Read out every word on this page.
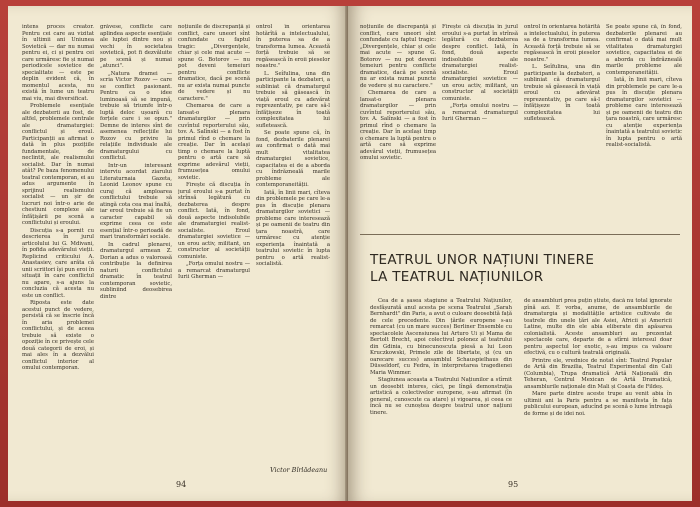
intens proces creator. Pentru cei care au vizitat în ultimii ani Uniunea Sovietică — dar nu numai pentru ei, ci și pentru cei care urmăresc fie și numai periodicele sovietice de specialitate — este pe deplin evident că, în momentul acesta, nu există în lume un teatru mai viu, mai diversificat.

Problemele esențiale ale dezbaterii au fost, de altfel, problemele centrale ale dramaturgiei: conflictul și eroul. Participanții au afirmat o dată în plus pozițiile fundamentale, de neclintit, ale realismului socialist. Dar în numai atât? Pe baza fenomenului teatral contemporan, ei au adus argumente în sprijinul realismului socialist — un șir de lucruri noi într-o arie de chestiuni complexe ale înfățișării pe scenă a conflictului și eroului.

Discuția s-a pornit cu descrierea în jurul articolului lui G. Mdivani, în pofida adevărului vieții. Replicind criticului A. Anastasiev, care arăta că unii scriitori își pun eroi în situații în care conflictul nu apare, s-a ajuns la concluzia că acesta nu este un conflict.

Riposta este date acestui punct de vedere, persistă că se înscrie încă în aria problemei conflictului, și de aceea trebuie să existe o opoziție în ce privește cele două categorii de eroi, și mai ales în a dezvălui conflictul interior al omului contemporan.

grăvese, conflicte care aplindea aspecte esențiale ale luptei dintre nou și vechi în societatea sovietică, pot fi dezvăluite pe scenă și numai „atunci".

„Natura dramei — scria Victor Rozov — care se conflict pasionant. Pentru ca o idee luminoasă să se impună, trebuie să triumfe într-o luptă deloc ușoară cu forțele care i se opun." Demne de interes sînt de asemenea reflecțiile lui Rozov cu privire la relațiile individuale ale dramaturgului cu conflictul.

Intr-un interesant interviu acordat ziarului Literaturnaia Gazeta, Leonid Leonov spune cu curaj că amploarea conflictului trebuie să atingă cota cea mai înaltă, iar eroul trebuie să fie un caracter capabil să exprime ceea ce este esențial într-o perioadă de mari transformări sociale.

In cadrul plenarei, dramaturgul armean Z. Dorian a adus o valoroasă contribuție la definirea naturii conflictului dramatic în teatrul contemporan sovietic, subliniind deosebirea dintre

noțiunile de discrepanță și conflict, care uneori sînt confundate cu faptul tragic: „Divergențele, chiar și cele mai acute — spune G. Botorov — nu pot deveni temeiuri pentru conflicte dramatice, dacă pe scenă nu ar exista numai puncte de vedere și nu caractere."

Chemarea de care a lansat-o plenara dramaturgilor — prin cuvîntul reporterului său, tov. A. Salînski — a fost în primul rînd o chemare la creație. Dar în același timp o chemare la luptă pentru o artă care să exprime adevărul vieții, frumusețea omului sovietic.

Firește că discuția în jurul eroului s-a purtat în strînsă legătură cu dezbaterea despre conflict. Iată, în fond, două aspecte indisolubile ale dramaturgiei realist-socialiste. Eroul dramaturgiei sovietice — un erou activ, militant, un constructor al societății comuniste.

„Forța omului nostru — a remarcat dramaturgul Iurii Gherman —

ontrol în orientarea hotărîtă a intelectualului, în puterea sa de a transforma lumea. Această forță trebuie să se regăsească în eroii pieselor noastre."

L. Seîfulina, una din participante la dezbateri, a subliniat că dramaturgul trebuie să găsească în viață eroul cu adevărat reprezentativ, pe care să-l înfățișeze în toată complexitatea lui sufletească.

Se poate spune că, în fond, dezbaterile plenarei au confirmat o dată mai mult vitalitatea dramaturgiei sovietice, capacitatea ei de a aborda cu îndrăzneală marile probleme ale contemporaneității.

Iată, în linii mari, cîteva din problemele pe care le-a pus în discuție plenara dramaturgilor sovietici — probleme care interesează și pe oamenii de teatru din țara noastră, care urmăresc cu atenție experiența înaintată a teatrului sovietic în lupta pentru o artă realist-socialistă.

Victor Bîrlădeanu
94

noțiunile de discrepanță și conflict, care uneori sînt confundate cu faptul tragic: „Divergențele, chiar și cele mai acute — spune G. Botorov — nu pot deveni temeiuri pentru conflicte dramatice, dacă pe scenă nu ar exista numai puncte de vedere și nu caractere."

Chemarea de care a lansat-o plenara dramaturgilor — prin cuvîntul reporterului său, tov. A. Salînski — a fost în primul rînd o chemare la creație. Dar în același timp o chemare la luptă pentru o artă care să exprime adevărul vieții, frumusețea omului sovietic.

Firește că discuția în jurul eroului s-a purtat în strînsă legătură cu dezbaterea despre conflict. Iată, în fond, două aspecte indisolubile ale dramaturgiei realist-socialiste. Eroul dramaturgiei sovietice — un erou activ, militant, un constructor al societății comuniste.

„Forța omului nostru — a remarcat dramaturgul Iurii Gherman —

ontrol în orientarea hotărîtă a intelectualului, în puterea sa de a transforma lumea. Această forță trebuie să se regăsească în eroii pieselor noastre."

L. Seîfulina, una din participante la dezbateri, a subliniat că dramaturgul trebuie să găsească în viață eroul cu adevărat reprezentativ, pe care să-l înfățișeze în toată complexitatea lui sufletească.

Se poate spune că, în fond, dezbaterile plenarei au confirmat o dată mai mult vitalitatea dramaturgiei sovietice, capacitatea ei de a aborda cu îndrăzneală marile probleme ale contemporaneității.

Iată, în linii mari, cîteva din problemele pe care le-a pus în discuție plenara dramaturgilor sovietici — probleme care interesează și pe oamenii de teatru din țara noastră, care urmăresc cu atenție experiența înaintată a teatrului sovietic în lupta pentru o artă realist-socialistă.

TEATRUL UNOR NAȚIUNI TINERE
LA TEATRUL NAȚIUNILOR

Cea de a șasea stagiune a Teatrului Națiunilor, desfășurată anul acesta pe scena Teatrului „Sarah Bernhardt" din Paris, a avut o culoare deosebită față de cele precedente. Din țările europene s-au remarcat (cu un mare succes) Berliner Ensemble cu spectacolele Ascensiunea lui Arturo Ui și Mama de Bertolt Brecht, apoi colectivul polonez al teatrului din Gdinia, cu binecunoscuta piesă a lui Leon Kruczkowski, Primele zile de libertate, și (cu un oarecare succes) ansamblul Schauspielhaus din Düsseldorf, cu Fedra, în interpretarea tragedienei Maria Wimmer.

Stagiunea aceasta a Teatrului Națiunilor a stîrnit un deosebit interes, căci, pe lîngă demonstrația artistică a colectivelor europene, s-au afirmat (în general, cunoscute ca atare) și vigoarea, și ceea ce încă nu se cunoștea despre teatrul unor națiuni tinere.

de ansambluri prea puțin știute, dacă nu total ignorate pînă azi. E vorba, anume, de ansamblurile de dramaturgia și modalitățile artistice cultivate de teatrele din unele țări ale Asiei, Africii și Americii Latine, multe din ele abia eliberate din apăsarea colonialistă. Aceste ansambluri au prezentat spectacole care, departe de a stîrni interesul doar pentru aspectul lor exotic, s-au impus ca valoare efectivă, cu o cultură teatrală originală.

Printre ele, vrednice de notat sînt: Teatrul Popular de Artă din Brazilia, Teatrul Experimental din Cali (Columbia), Trupa dramatică Artă Națională din Teheran, Centrul Mexican de Artă Dramatică, ansamblurile naționale din Mali și Coasta de Fildeș.

Mare parte dintre aceste trupe au venit abia în ultimii ani la Paris pentru a se manifesta în fața publicului european, aducînd pe scenă o lume întreagă de forme și de idei noi.

95
